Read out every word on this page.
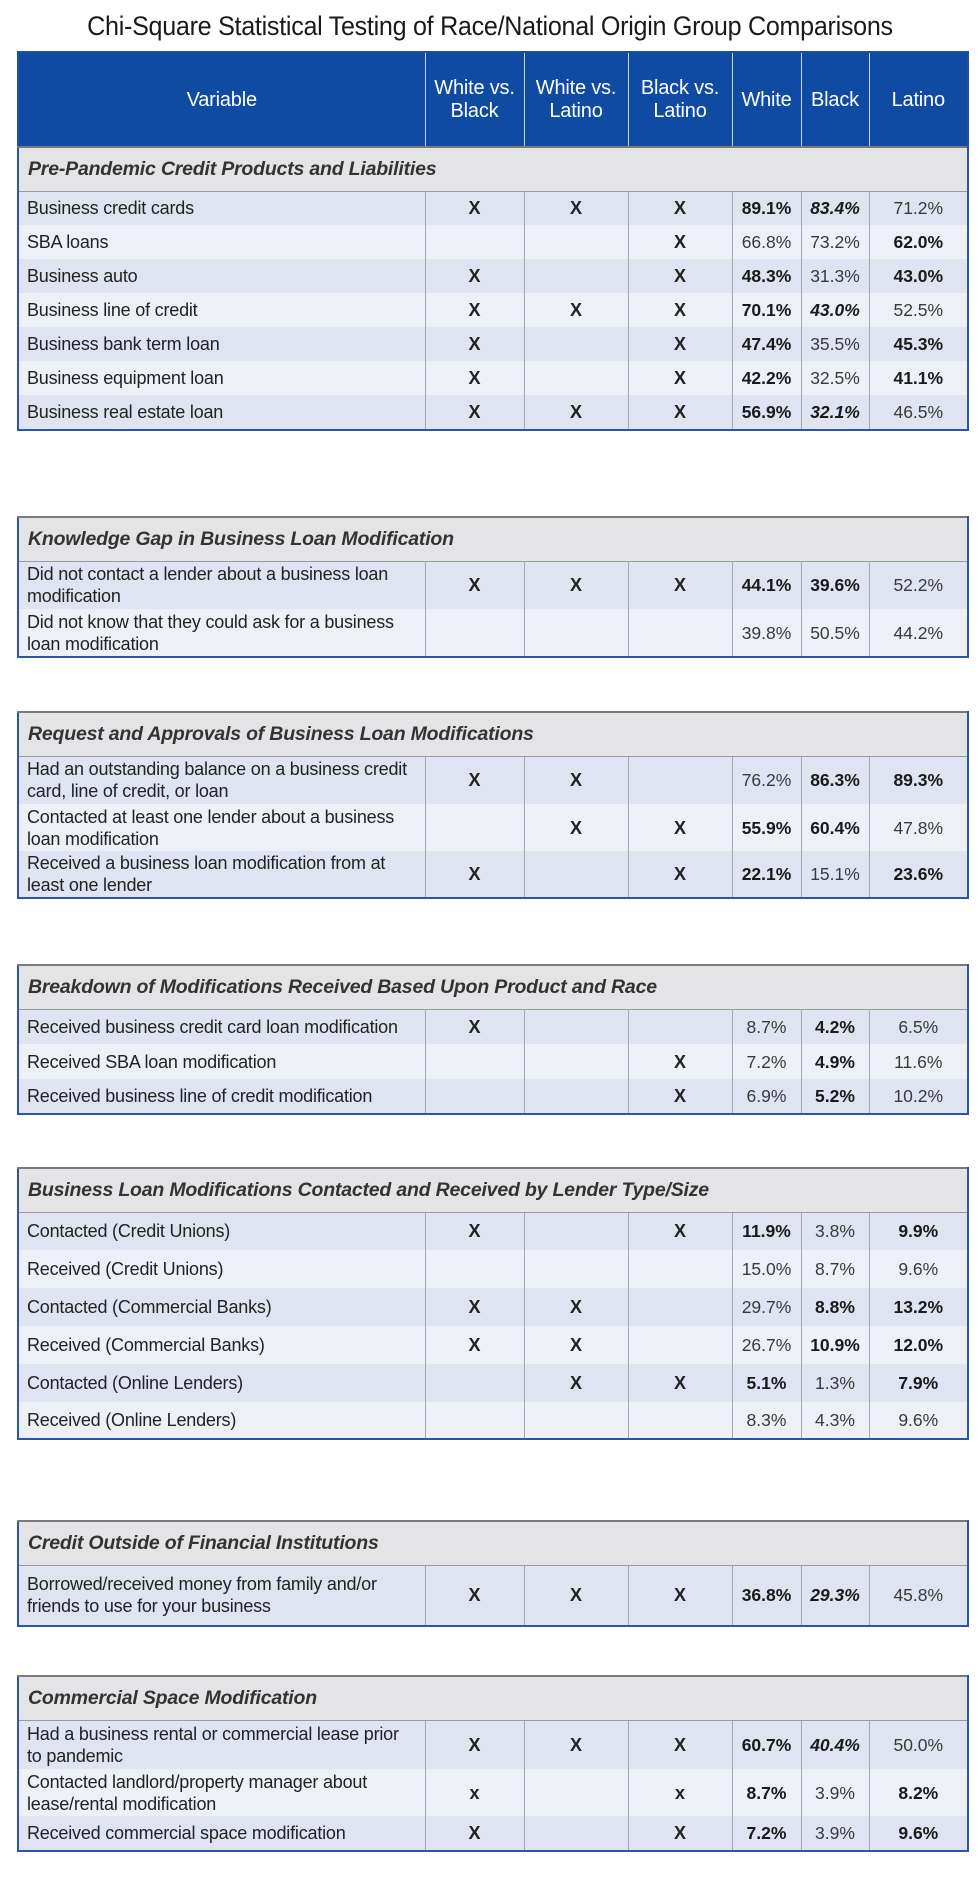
Chi-Square Statistical Testing of Race/National Origin Group Comparisons
Variable	White vs. Black	White vs. Latino	Black vs. Latino	White	Black	Latino
Pre-Pandemic Credit Products and Liabilities						
Business credit cards	X	X	X	89.1%	83.4%	71.2%
SBA loans			X	66.8%	73.2%	62.0%
Business auto	X		X	48.3%	31.3%	43.0%
Business line of credit	X	X	X	70.1%	43.0%	52.5%
Business bank term loan	X		X	47.4%	35.5%	45.3%
Business equipment loan	X		X	42.2%	32.5%	41.1%
Business real estate loan	X	X	X	56.9%	32.1%	46.5%
Knowledge Gap in Business Loan Modification						
Did not contact a lender about a business loan modification	X	X	X	44.1%	39.6%	52.2%
Did not know that they could ask for a business loan modification				39.8%	50.5%	44.2%
Request and Approvals of Business Loan Modifications						
Had an outstanding balance on a business credit card, line of credit, or loan	X	X		76.2%	86.3%	89.3%
Contacted at least one lender about a business loan modification		X	X	55.9%	60.4%	47.8%
Received a business loan modification from at least one lender	X		X	22.1%	15.1%	23.6%
Breakdown of Modifications Received Based Upon Product and Race						
Received business credit card loan modification	X			8.7%	4.2%	6.5%
Received SBA loan modification			X	7.2%	4.9%	11.6%
Received business line of credit modification			X	6.9%	5.2%	10.2%
Business Loan Modifications Contacted and Received by Lender Type/Size						
Contacted (Credit Unions)	X		X	11.9%	3.8%	9.9%
Received (Credit Unions)				15.0%	8.7%	9.6%
Contacted (Commercial Banks)	X	X		29.7%	8.8%	13.2%
Received (Commercial Banks)	X	X		26.7%	10.9%	12.0%
Contacted (Online Lenders)		X	X	5.1%	1.3%	7.9%
Received (Online Lenders)				8.3%	4.3%	9.6%
Credit Outside of Financial Institutions
Borrowed/received money from family and/or friends to use for your business	X	X	X	36.8%	29.3%	45.8%
Commercial Space Modification						
Had a business rental or commercial lease prior to pandemic	X	X	X	60.7%	40.4%	50.0%
Contacted landlord/property manager about lease/rental modification	x		x	8.7%	3.9%	8.2%
Received commercial space modification	X		X	7.2%	3.9%	9.6%
